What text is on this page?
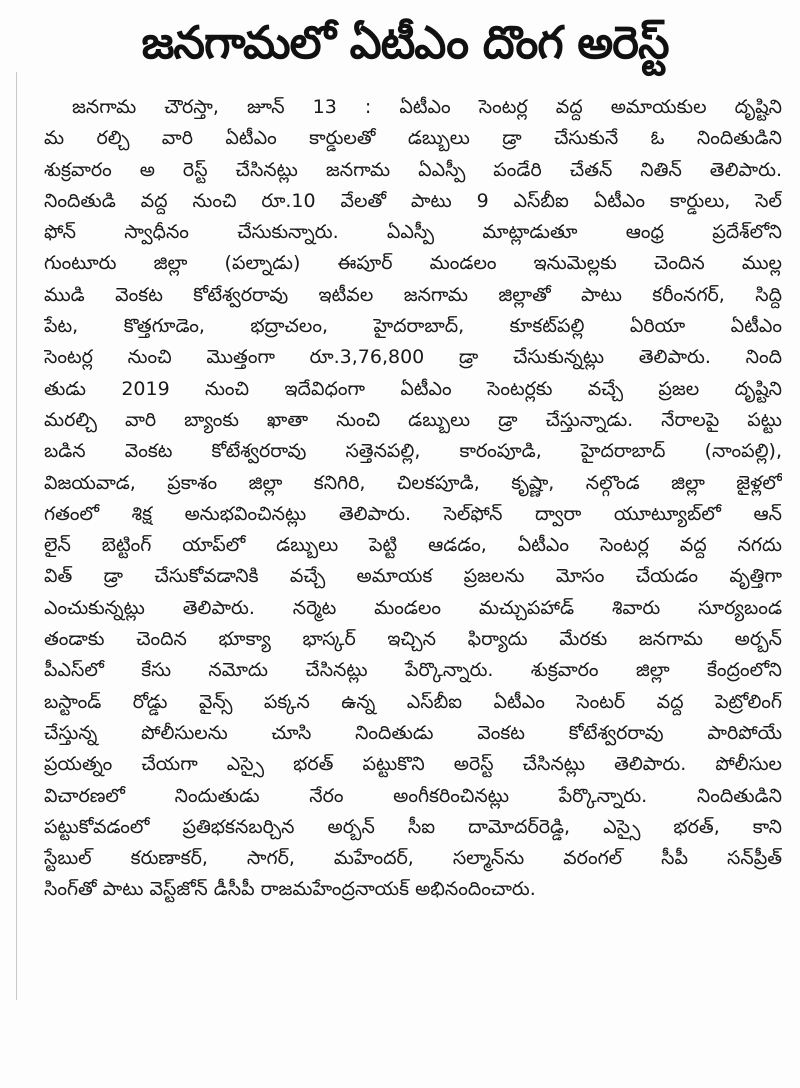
జనగామలో ఏటీఎం దొంగ అరెస్ట్
జనగామ చౌరస్తా, జూన్ 13 : ఏటీఎం సెంటర్ల వద్ద అమాయకుల దృష్టిని
మ రల్చి వారి ఏటీఎం కార్డులతో డబ్బులు డ్రా చేసుకునే ఓ నిందితుడిని
శుక్రవారం అ రెస్ట్ చేసినట్లు జనగామ ఏఎస్పీ పండేరి చేతన్ నితిన్ తెలిపారు.
నిందితుడి వద్ద నుంచి రూ.10 వేలతో పాటు 9 ఎస్‌బీఐ ఏటీఎం కార్డులు, సెల్
ఫోన్ స్వాధీనం చేసుకున్నారు. ఏఎస్పీ మాట్లాడుతూ ఆంధ్ర ప్రదేశ్‌లోని
గుంటూరు జిల్లా (పల్నాడు) ఈపూర్ మండలం ఇనుమెల్లకు చెందిన ముల్ల
ముడి వెంకట కోటేశ్వరరావు ఇటీవల జనగామ జిల్లాతో పాటు కరీంనగర్, సిద్ది
పేట, కొత్తగూడెం, భద్రాచలం, హైదరాబాద్, కూకట్‌పల్లి ఏరియా ఏటీఎం
సెంటర్ల నుంచి మొత్తంగా రూ.3,76,800 డ్రా చేసుకున్నట్లు తెలిపారు. నింది
తుడు 2019 నుంచి ఇదేవిధంగా ఏటీఎం సెంటర్లకు వచ్చే ప్రజల దృష్టిని
మరల్చి వారి బ్యాంకు ఖాతా నుంచి డబ్బులు డ్రా చేస్తున్నాడు. నేరాలపై పట్టు
బడిన వెంకట కోటేశ్వరరావు సత్తెనపల్లి, కారంపూడి, హైదరాబాద్ (నాంపల్లి),
విజయవాడ, ప్రకాశం జిల్లా కనిగిరి, చిలకపూడి, కృష్ణా, నల్గొండ జిల్లా జైళ్లలో
గతంలో శిక్ష అనుభవించినట్లు తెలిపారు. సెల్‌ఫోన్ ద్వారా యూట్యూబ్‌లో ఆన్
లైన్ బెట్టింగ్ యాప్‌లో డబ్బులు పెట్టి ఆడడం, ఏటీఎం సెంటర్ల వద్ద నగదు
విత్ డ్రా చేసుకోవడానికి వచ్చే అమాయక ప్రజలను మోసం చేయడం వృత్తిగా
ఎంచుకున్నట్లు తెలిపారు. నర్మెట మండలం మచ్చుపహాడ్ శివారు సూర్యబండ
తండాకు చెందిన భూక్యా భాస్కర్ ఇచ్చిన ఫిర్యాదు మేరకు జనగామ అర్బన్
పీఎస్‌లో కేసు నమోదు చేసినట్లు పేర్కొన్నారు. శుక్రవారం జిల్లా కేంద్రంలోని
బస్టాండ్ రోడ్డు వైన్స్ పక్కన ఉన్న ఎస్‌బీఐ ఏటీఎం సెంటర్ వద్ద పెట్రోలింగ్
చేస్తున్న పోలీసులను చూసి నిందితుడు వెంకట కోటేశ్వరరావు పారిపోయే
ప్రయత్నం చేయగా ఎస్సై భరత్ పట్టుకొని అరెస్ట్ చేసినట్లు తెలిపారు. పోలీసుల
విచారణలో నిందుతుడు నేరం అంగీకరించినట్లు పేర్కొన్నారు. నిందితుడిని
పట్టుకోవడంలో ప్రతిభకనబర్చిన అర్బన్ సీఐ దామోదర్‌రెడ్డి, ఎస్సై భరత్, కాని
స్టేబుల్ కరుణాకర్, సాగర్, మహేందర్, సల్మాన్‌ను వరంగల్ సీపీ సన్‌ప్రీత్
సింగ్‌తో పాటు వెస్ట్‌జోన్ డీసీపీ రాజమహేంద్రనాయక్ అభినందించారు.
